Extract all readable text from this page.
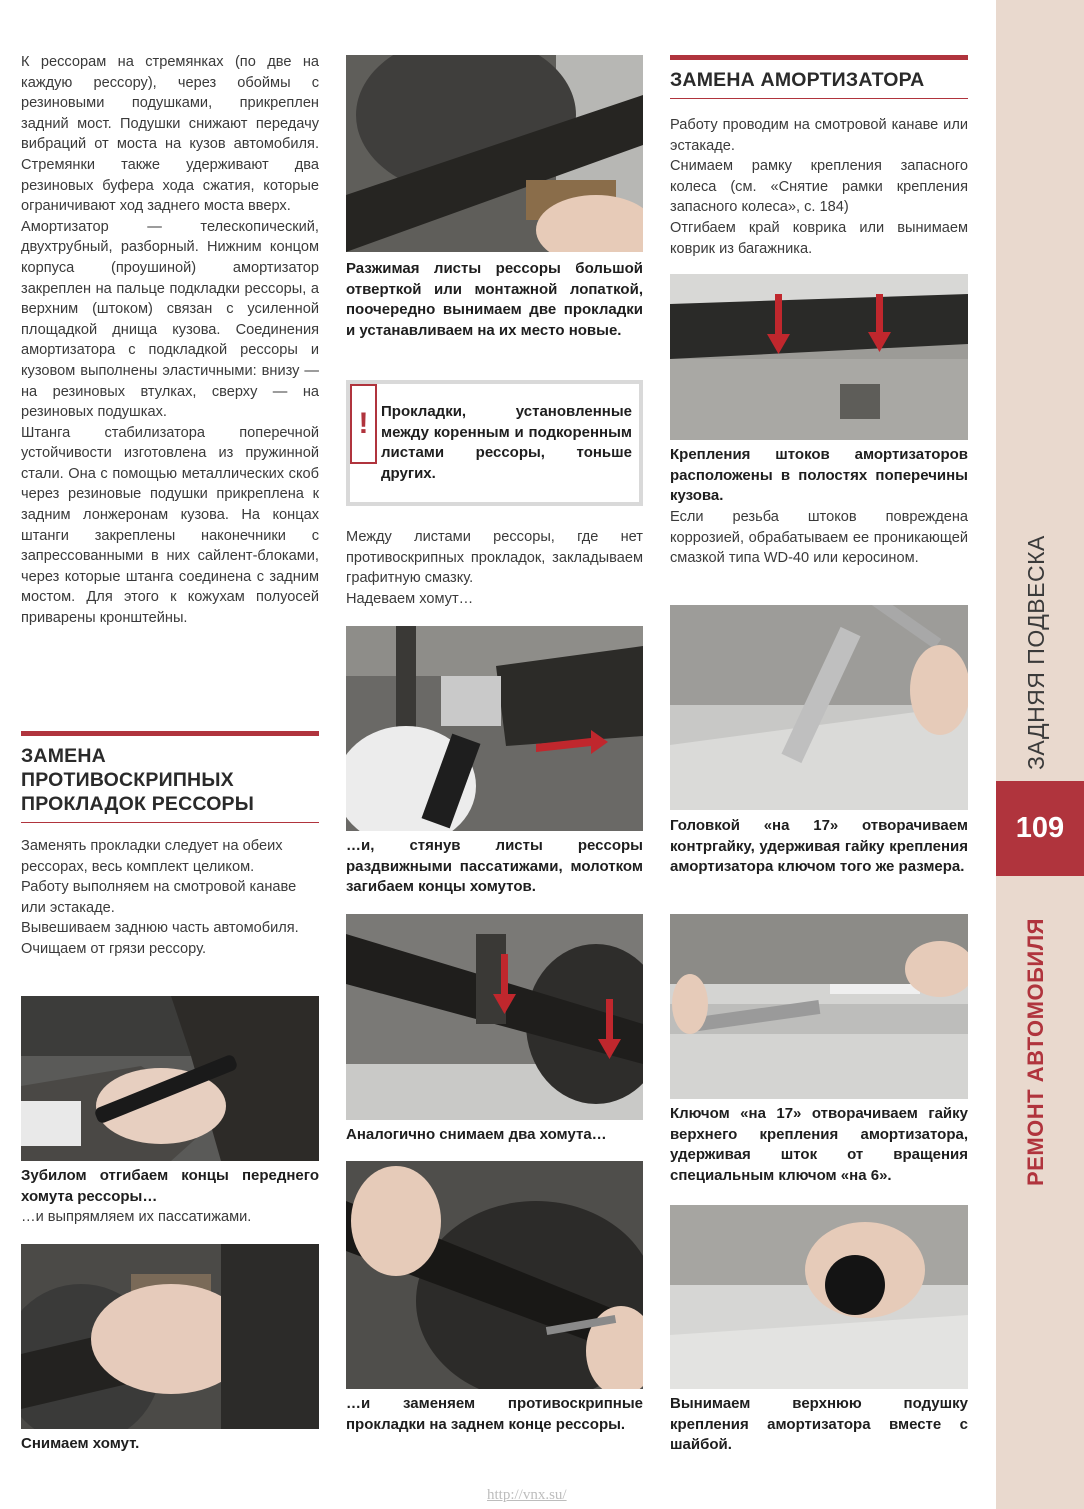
К рессорам на стремянках (по две на каждую рессору), через обоймы с резиновыми подушками, прикреплен задний мост. Подушки снижают передачу вибраций от моста на кузов автомобиля. Стремянки также удерживают два резиновых буфера хода сжатия, которые ограничивают ход заднего моста вверх.
Амортизатор — телескопический, двухтрубный, разборный. Нижним концом корпуса (проушиной) амортизатор закреплен на пальце подкладки рессоры, а верхним (штоком) связан с усиленной площадкой днища кузова. Соединения амортизатора с подкладкой рессоры и кузовом выполнены эластичными: внизу — на резиновых втулках, сверху — на резиновых подушках.
Штанга стабилизатора поперечной устойчивости изготовлена из пружинной стали. Она с помощью металлических скоб через резиновые подушки прикреплена к задним лонжеронам кузова. На концах штанги закреплены наконечники с запрессованными в них сайлент-блоками, через которые штанга соединена с задним мостом. Для этого к кожухам полуосей приварены кронштейны.

ЗАМЕНА ПРОТИВОСКРИПНЫХ ПРОКЛАДОК РЕССОРЫ

Заменять прокладки следует на обеих рессорах, весь комплект целиком.
Работу выполняем на смотровой канаве или эстакаде.
Вывешиваем заднюю часть автомобиля.
Очищаем от грязи рессору.

Зубилом отгибаем концы переднего хомута рессоры…

…и выпрямляем их пассатижами.

Снимаем хомут.

Разжимая листы рессоры большой отверткой или монтажной лопаткой, поочередно вынимаем две прокладки и устанавливаем на их место новые.

! Прокладки, установленные между коренным и подкоренным листами рессоры, тоньше других.

Между листами рессоры, где нет противоскрипных прокладок, закладываем графитную смазку.
Надеваем хомут…

…и, стянув листы рессоры раздвижными пассатижами, молотком загибаем концы хомутов.

Аналогично снимаем два хомута…

…и заменяем противоскрипные прокладки на заднем конце рессоры.

ЗАМЕНА АМОРТИЗАТОРА

Работу проводим на смотровой канаве или эстакаде.
Снимаем рамку крепления запасного колеса (см. «Снятие рамки крепления запасного колеса», с. 184)
Отгибаем край коврика или вынимаем коврик из багажника.

Крепления штоков амортизаторов расположены в полостях поперечины кузова.

Если резьба штоков повреждена коррозией, обрабатываем ее проникающей смазкой типа WD-40 или керосином.

Головкой «на 17» отворачиваем контргайку, удерживая гайку крепления амортизатора ключом того же размера.

Ключом «на 17» отворачиваем гайку верхнего крепления амортизатора, удерживая шток от вращения специальным ключом «на 6».

Вынимаем верхнюю подушку крепления амортизатора вместе с шайбой.

109
ЗАДНЯЯ ПОДВЕСКА
РЕМОНТ АВТОМОБИЛЯ
http://vnx.su/
